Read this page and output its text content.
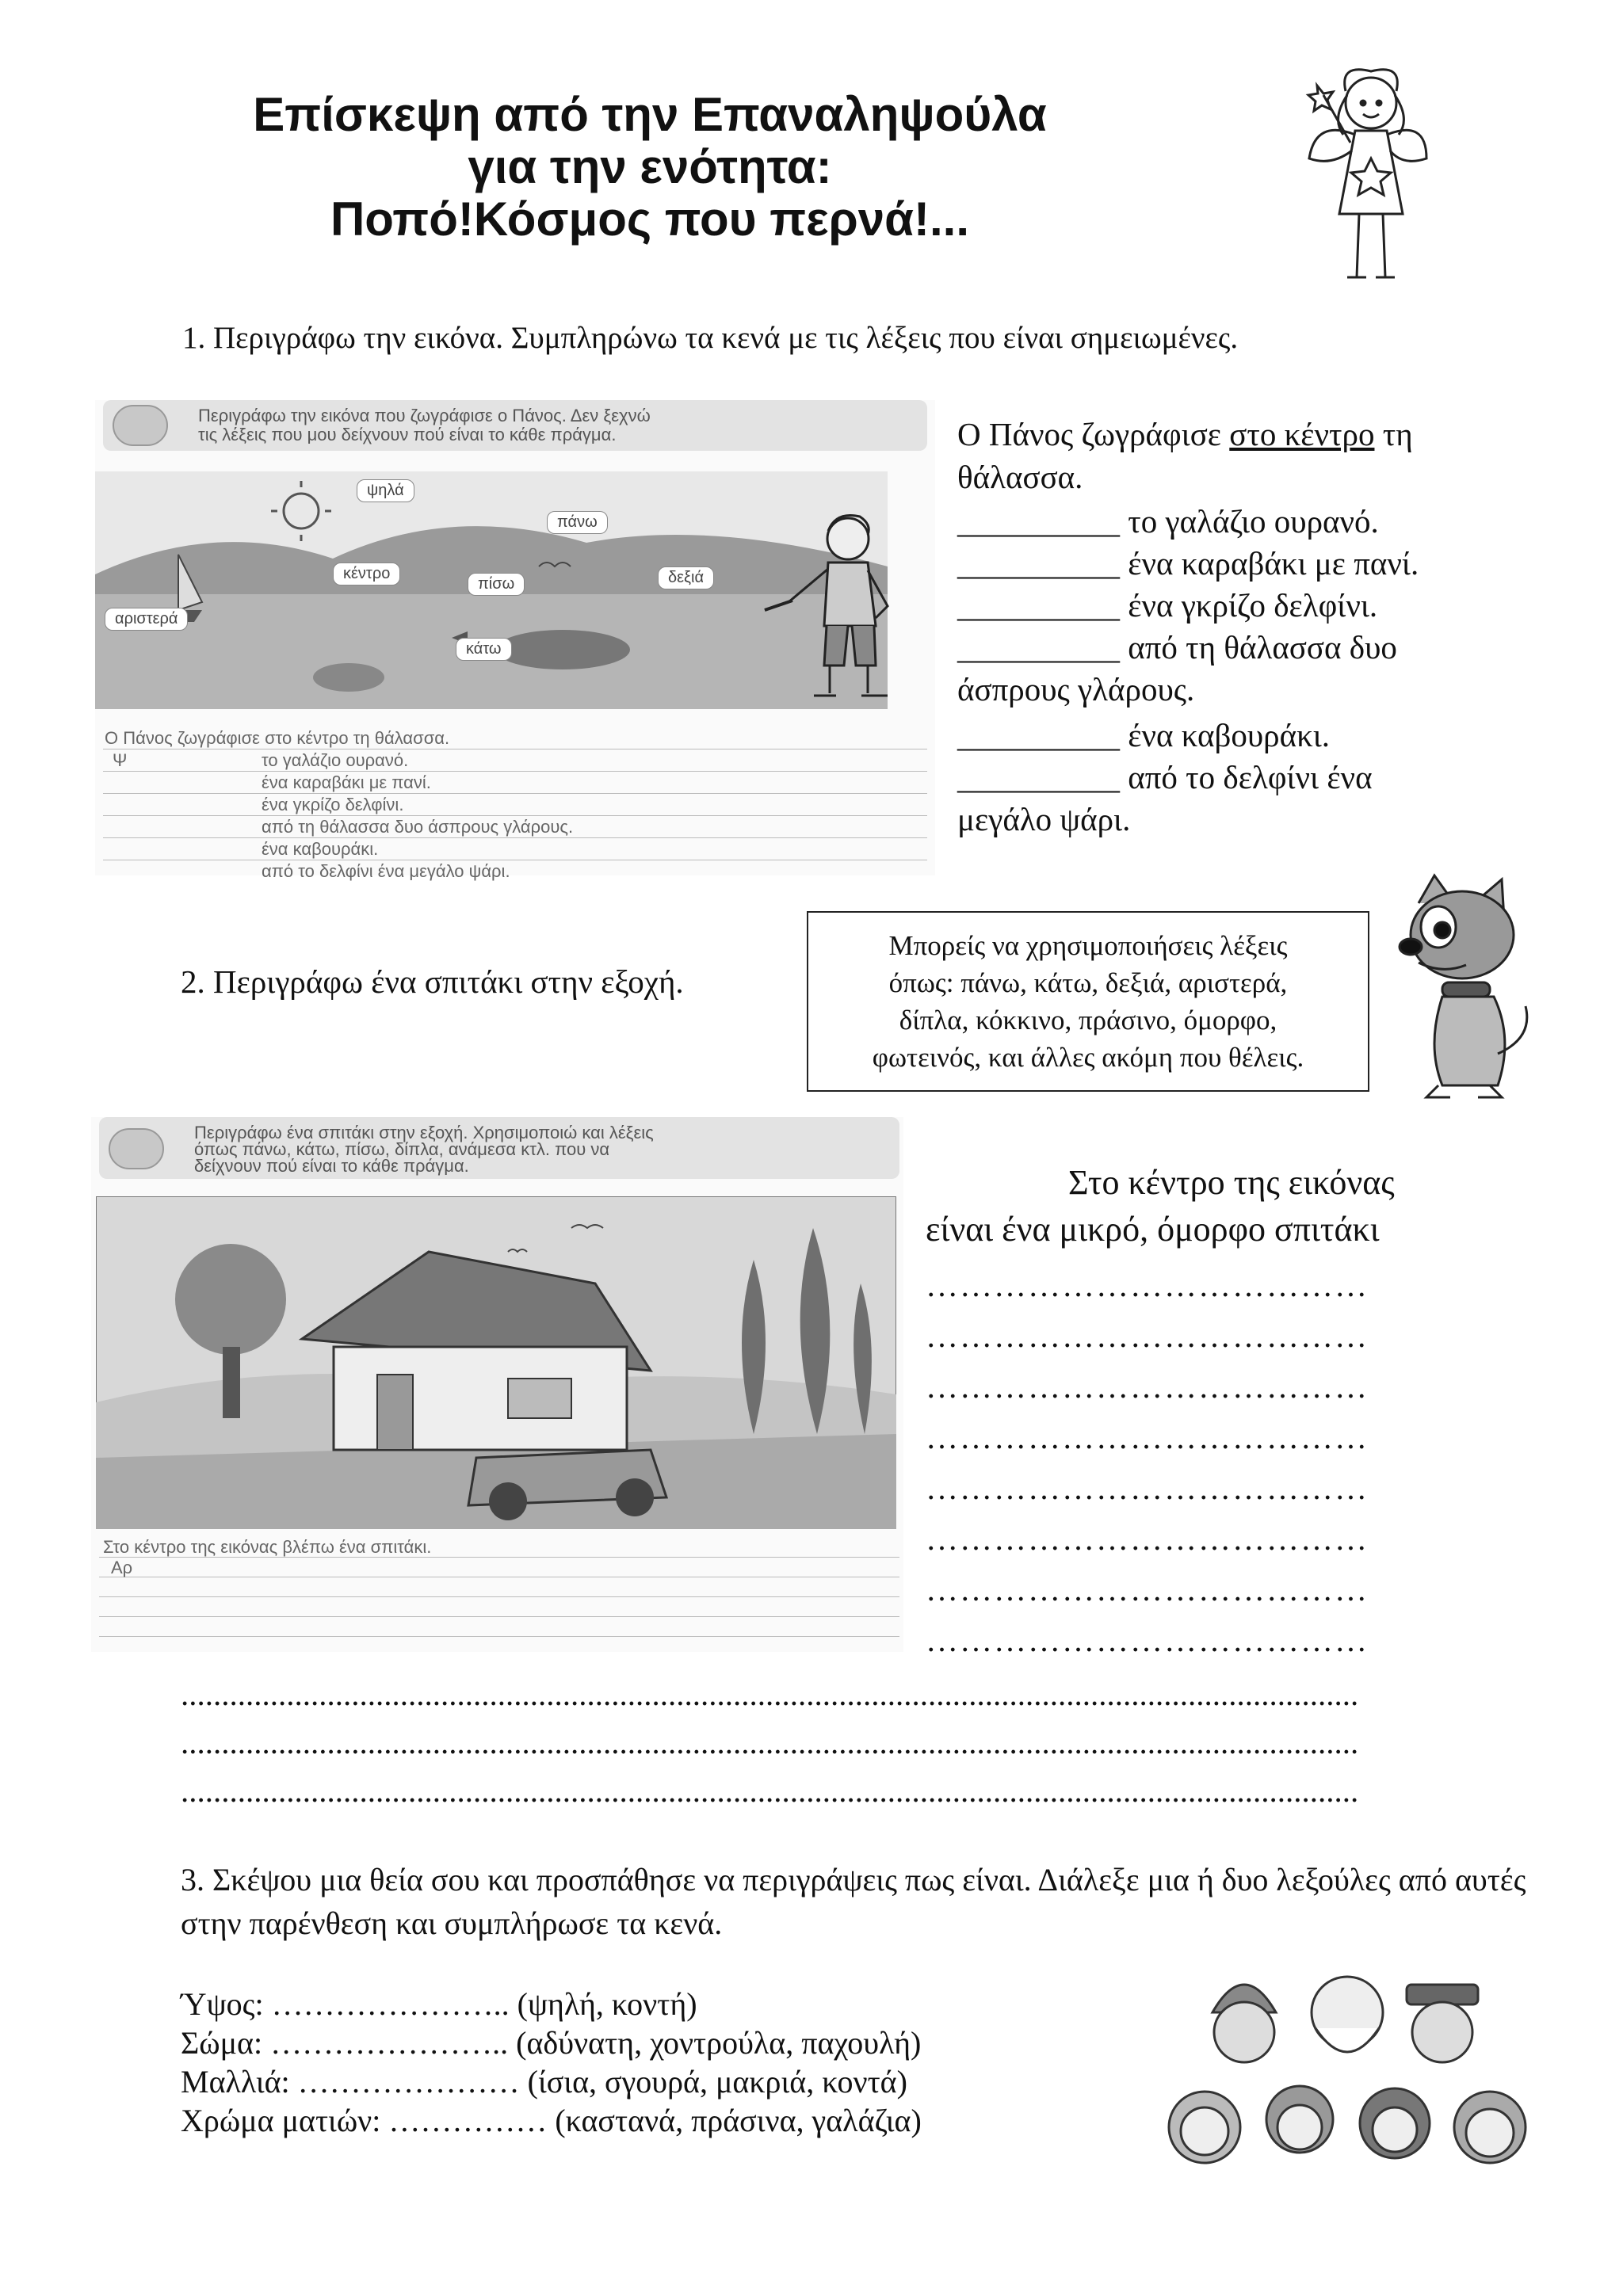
Επίσκεψη από την Επαναληψούλα
για την ενότητα:
Ποπό!Κόσμος που περνά!...
1. Περιγράφω την εικόνα. Συμπληρώνω τα κενά με τις λέξεις που είναι σημειωμένες.
Περιγράφω την εικόνα που ζωγράφισε ο Πάνος. Δεν ξεχνώ
τις λέξεις που μου δείχνουν πού είναι το κάθε πράγμα.
ψηλά
πάνω
κέντρο
πίσω	δεξιά
αριστερά
κάτω
Ο Πάνος ζωγράφισε στο κέντρο τη θάλασσα.
Ψ	το γαλάζιο ουρανό.
ένα καραβάκι με πανί.
ένα γκρίζο δελφίνι.
από τη θάλασσα δυο άσπρους γλάρους.
ένα καβουράκι.
από το δελφίνι ένα μεγάλο ψάρι.
Ο Πάνος ζωγράφισε στο κέντρο τη
θάλασσα.
__________ το γαλάζιο ουρανό.
__________ ένα καραβάκι με πανί.
__________ ένα γκρίζο δελφίνι.
__________ από τη θάλασσα δυο
άσπρους γλάρους.
__________ ένα καβουράκι.
__________ από το δελφίνι ένα
μεγάλο ψάρι.
2. Περιγράφω ένα σπιτάκι στην εξοχή.
Μπορείς να χρησιμοποιήσεις λέξεις
όπως: πάνω, κάτω, δεξιά, αριστερά,
δίπλα, κόκκινο, πράσινο, όμορφο,
φωτεινός, και άλλες ακόμη που θέλεις.
Περιγράφω ένα σπιτάκι στην εξοχή. Χρησιμοποιώ και λέξεις
όπως πάνω, κάτω, πίσω, δίπλα, ανάμεσα κτλ. που να
δείχνουν πού είναι το κάθε πράγμα.
Στο κέντρο της εικόνας βλέπω ένα σπιτάκι.
Αρ
Στο κέντρο της εικόνας
είναι ένα μικρό, όμορφο σπιτάκι
…………………………………
…………………………………
…………………………………
…………………………………
…………………………………
…………………………………
…………………………………
…………………………………
.................................................................................................................................................
.................................................................................................................................................
.................................................................................................................................................
3. Σκέψου μια θεία σου και προσπάθησε να περιγράψεις πως είναι. Διάλεξε μια ή δυο λεξούλες από αυτές στην παρένθεση και συμπλήρωσε τα κενά.
Ύψος: ………………….. (ψηλή, κοντή)
Σώμα: ………………….. (αδύνατη, χοντρούλα, παχουλή)
Μαλλιά: ………………… (ίσια, σγουρά, μακριά, κοντά)
Χρώμα ματιών: …………… (καστανά, πράσινα, γαλάζια)
